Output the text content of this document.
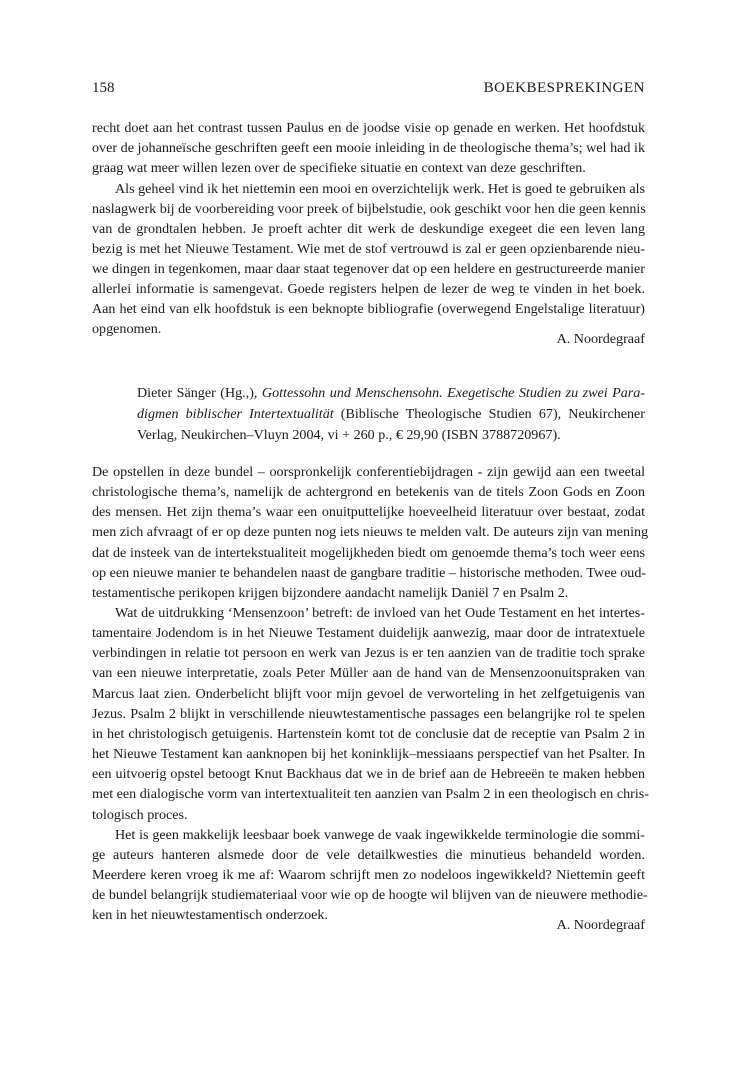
158	BOEKBESPREKINGEN
recht doet aan het contrast tussen Paulus en de joodse visie op genade en werken. Het hoofdstuk
over de johanneïsche geschriften geeft een mooie inleiding in de theologische thema’s; wel had ik
graag wat meer willen lezen over de specifieke situatie en context van deze geschriften.
Als geheel vind ik het niettemin een mooi en overzichtelijk werk. Het is goed te gebruiken als
naslagwerk bij de voorbereiding voor preek of bijbelstudie, ook geschikt voor hen die geen kennis
van de grondtalen hebben. Je proeft achter dit werk de deskundige exegeet die een leven lang
bezig is met het Nieuwe Testament. Wie met de stof vertrouwd is zal er geen opzienbarende nieu-
we dingen in tegenkomen, maar daar staat tegenover dat op een heldere en gestructureerde manier
allerlei informatie is samengevat. Goede registers helpen de lezer de weg te vinden in het boek.
Aan het eind van elk hoofdstuk is een beknopte bibliografie (overwegend Engelstalige literatuur)
opgenomen.
A. Noordegraaf
Dieter Sänger (Hg.,), Gottessohn und Menschensohn. Exegetische Studien zu zwei Para-
digmen biblischer Intertextualität (Biblische Theologische Studien 67), Neukirchener
Verlag, Neukirchen–Vluyn 2004, vi + 260 p., € 29,90 (ISBN 3788720967).
De opstellen in deze bundel – oorspronkelijk conferentiebijdragen - zijn gewijd aan een tweetal
christologische thema’s, namelijk de achtergrond en betekenis van de titels Zoon Gods en Zoon
des mensen. Het zijn thema’s waar een onuitputtelijke hoeveelheid literatuur over bestaat, zodat
men zich afvraagt of er op deze punten nog iets nieuws te melden valt. De auteurs zijn van mening
dat de insteek van de intertekstualiteit mogelijkheden biedt om genoemde thema’s toch weer eens
op een nieuwe manier te behandelen naast de gangbare traditie – historische methoden. Twee oud-
testamentische perikopen krijgen bijzondere aandacht namelijk Daniël 7 en Psalm 2.
Wat de uitdrukking ‘Mensenzoon’ betreft: de invloed van het Oude Testament en het intertes-
tamentaire Jodendom is in het Nieuwe Testament duidelijk aanwezig, maar door de intratextuele
verbindingen in relatie tot persoon en werk van Jezus is er ten aanzien van de traditie toch sprake
van een nieuwe interpretatie, zoals Peter Müller aan de hand van de Mensenzoonuitspraken van
Marcus laat zien. Onderbelicht blijft voor mijn gevoel de verworteling in het zelfgetuigenis van
Jezus. Psalm 2 blijkt in verschillende nieuwtestamentische passages een belangrijke rol te spelen
in het christologisch getuigenis. Hartenstein komt tot de conclusie dat de receptie van Psalm 2 in
het Nieuwe Testament kan aanknopen bij het koninklijk–messiaans perspectief van het Psalter. In
een uitvoerig opstel betoogt Knut Backhaus dat we in de brief aan de Hebreeën te maken hebben
met een dialogische vorm van intertextualiteit ten aanzien van Psalm 2 in een theologisch en chris-
tologisch proces.
Het is geen makkelijk leesbaar boek vanwege de vaak ingewikkelde terminologie die sommi-
ge auteurs hanteren alsmede door de vele detailkwesties die minutieus behandeld worden.
Meerdere keren vroeg ik me af: Waarom schrijft men zo nodeloos ingewikkeld? Niettemin geeft
de bundel belangrijk studiemateriaal voor wie op de hoogte wil blijven van de nieuwere methodie-
ken in het nieuwtestamentisch onderzoek.
A. Noordegraaf
